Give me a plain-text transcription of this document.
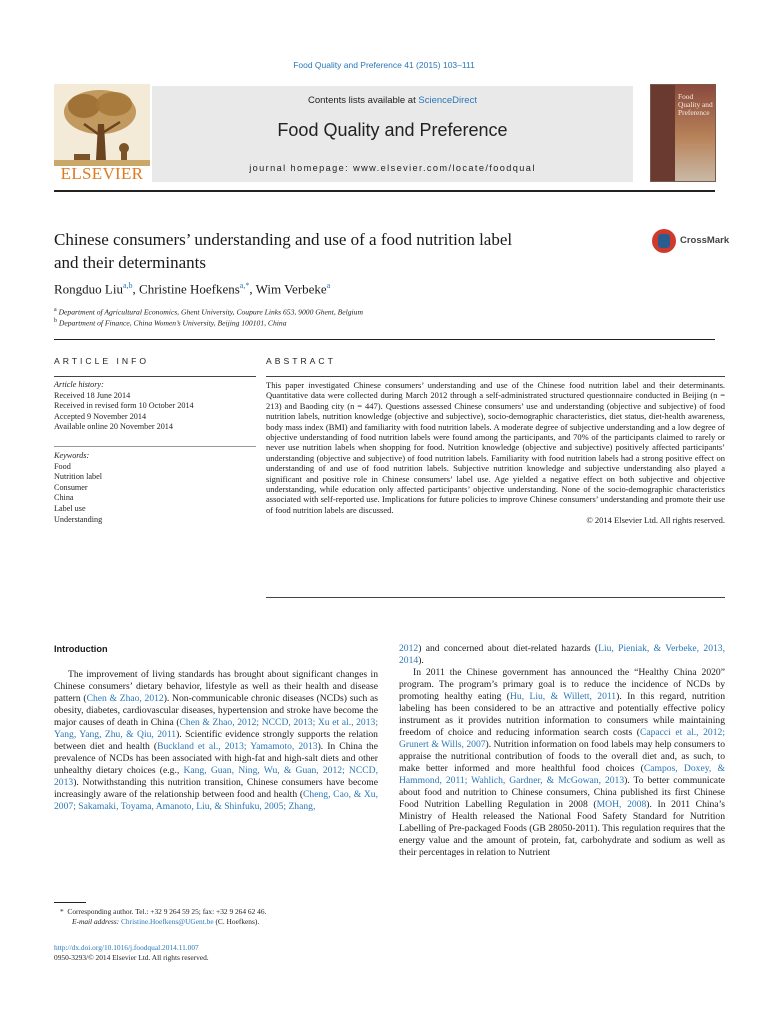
Food Quality and Preference 41 (2015) 103–111
ELSEVIER
Contents lists available at ScienceDirect
Food Quality and Preference
journal homepage: www.elsevier.com/locate/foodqual
Food Quality and Preference
Chinese consumers’ understanding and use of a food nutrition label
and their determinants
CrossMark
Rongduo Liu$^{a,b}$, Christine Hoefkens$^{a,*}$, Wim Verbeke$^a$
$^a$ Department of Agricultural Economics, Ghent University, Coupure Links 653, 9000 Ghent, Belgium
$^b$ Department of Finance, China Women’s University, Beijing 100101, China
ARTICLE INFO
Article history:
Received 18 June 2014
Received in revised form 10 October 2014
Accepted 9 November 2014
Available online 20 November 2014
Keywords:
Food
Nutrition label
Consumer
China
Label use
Understanding
ABSTRACT

This paper investigated Chinese consumers’ understanding and use of the Chinese food nutrition label and their determinants. Quantitative data were collected during March 2012 through a self-administrated structured questionnaire conducted in Beijing (n = 213) and Baoding city (n = 447). Questions assessed Chinese consumers’ use and understanding (objective and subjective) of food nutrition labels, nutrition knowledge (objective and subjective), socio-demographic characteristics, diet status, diet-health awareness, body mass index (BMI) and familiarity with food nutrition labels. A moderate degree of subjective understanding and a low degree of objective understanding of food nutrition labels were found among the participants, and 70% of the participants claimed to rarely or never use nutrition labels when shopping for food. Nutrition knowledge (objective and subjective) positively affected participants’ understanding (objective and subjective) of food nutrition labels. Familiarity with food nutrition labels had a strong positive effect on understanding of and use of food nutrition labels. Subjective nutrition knowledge and subjective understanding also played a significant and positive role in Chinese consumers’ label use. Age yielded a negative effect on both subjective and objective understanding, while education only affected participants’ objective understanding. None of the socio-demographic characteristics associated with self-reported use. Implications for future policies to improve Chinese consumers’ understanding and promote their use of food nutrition labels are discussed.

© 2014 Elsevier Ltd. All rights reserved.
Introduction

The improvement of living standards has brought about significant changes in Chinese consumers’ dietary behavior, lifestyle as well as their health and disease pattern (Chen & Zhao, 2012). Non-communicable chronic diseases (NCDs) such as obesity, diabetes, cardiovascular diseases, hypertension and stroke have become the major causes of death in China (Chen & Zhao, 2012; NCCD, 2013; Xu et al., 2013; Yang, Yang, Zhu, & Qiu, 2011). Scientific evidence strongly supports the relation between diet and health (Buckland et al., 2013; Yamamoto, 2013). In China the prevalence of NCDs has been associated with high-fat and high-salt diets and other unhealthy dietary choices (e.g., Kang, Guan, Ning, Wu, & Guan, 2012; NCCD, 2013). Notwithstanding this nutrition transition, Chinese consumers have become increasingly aware of the relationship between food and health (Cheng, Cao, & Xu, 2007; Sakamaki, Toyama, Amanoto, Liu, & Shinfuku, 2005; Zhang,

2012) and concerned about diet-related hazards (Liu, Pieniak, & Verbeke, 2013, 2014).

In 2011 the Chinese government has announced the “Healthy China 2020” program. The program’s primary goal is to reduce the incidence of NCDs by promoting healthy eating (Hu, Liu, & Willett, 2011). In this regard, nutrition labeling has been considered to be an attractive and potentially effective policy instrument as it provides nutrition information to consumers while maintaining freedom of choice and reducing information search costs (Capacci et al., 2012; Grunert & Wills, 2007). Nutrition information on food labels may help consumers to appraise the nutritional contribution of foods to the overall diet and, as such, to make better informed and more healthful food choices (Campos, Doxey, & Hammond, 2011; Wahlich, Gardner, & McGowan, 2013). To better communicate about food and nutrition to Chinese consumers, China published its first Chinese Food Nutrition Labelling Regulation in 2008 (MOH, 2008). In 2011 China’s Ministry of Health released the National Food Safety Standard for Nutrition Labelling of Pre-packaged Foods (GB 28050-2011). This regulation requires that the energy value and the amount of protein, fat, carbohydrate and sodium as well as their percentages in relation to Nutrient

*  Corresponding author. Tel.: +32 9 264 59 25; fax: +32 9 264 62 46.
E-mail address: Christine.Hoefkens@UGent.be (C. Hoefkens).
http://dx.doi.org/10.1016/j.foodqual.2014.11.007
0950-3293/© 2014 Elsevier Ltd. All rights reserved.
